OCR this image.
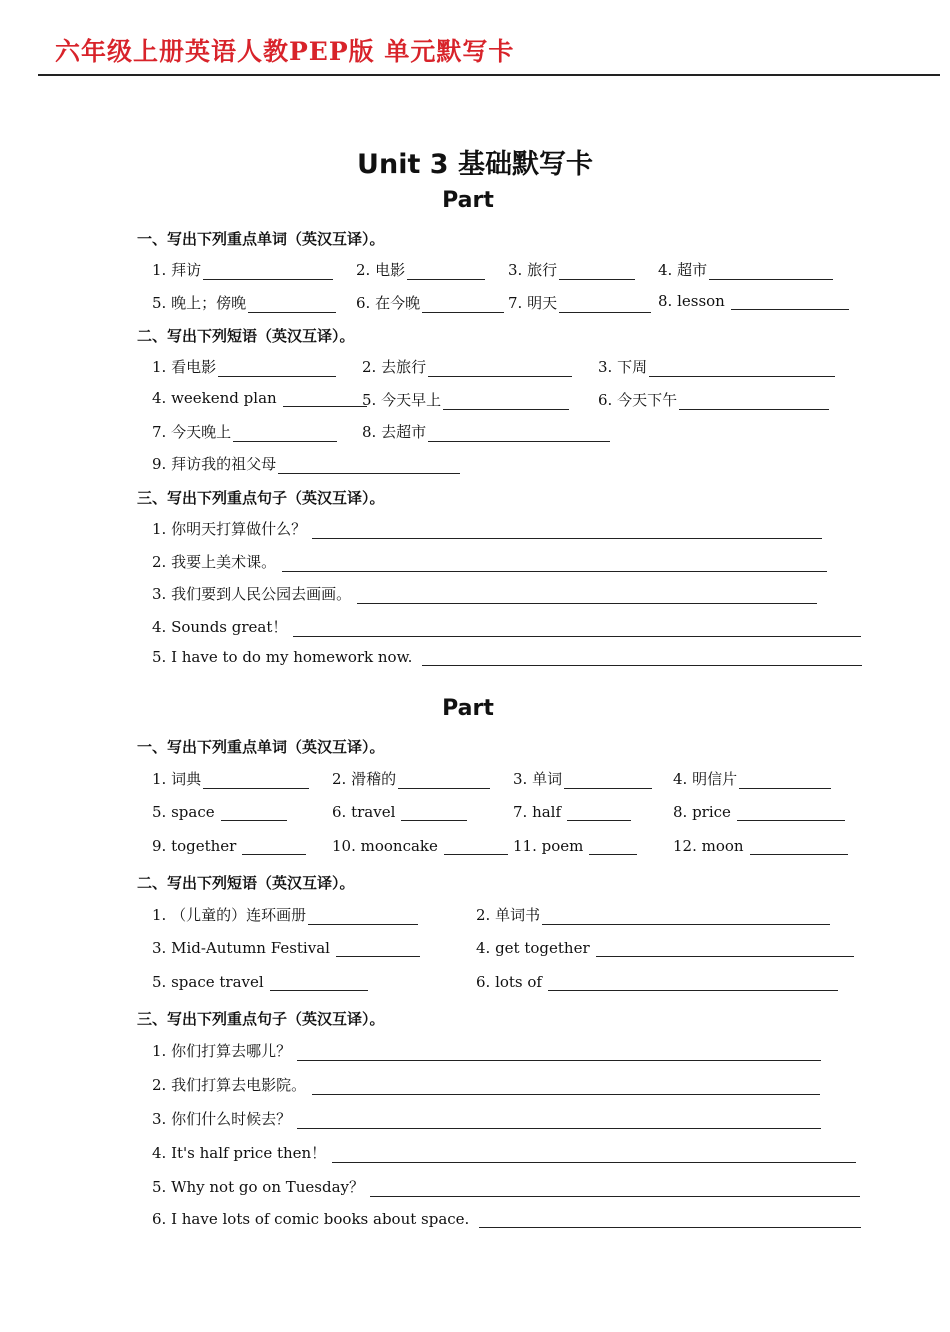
六年级上册英语人教PEP版 单元默写卡
Unit 3 基础默写卡
Part
一、写出下列重点单词（英汉互译）。
1. 拜访	2. 电影	3. 旅行	4. 超市
5. 晚上；傍晚	6. 在今晚	7. 明天	8. lesson
二、写出下列短语（英汉互译）。
1. 看电影	2. 去旅行	3. 下周
4. weekend plan	5. 今天早上	6. 今天下午
7. 今天晚上	8. 去超市
9. 拜访我的祖父母
三、写出下列重点句子（英汉互译）。
1. 你明天打算做什么？
2. 我要上美术课。
3. 我们要到人民公园去画画。
4. Sounds great！
5. I have to do my homework now.
Part
一、写出下列重点单词（英汉互译）。
1. 词典	2. 滑稽的	3. 单词	4. 明信片
5. space	6. travel	7. half	8. price
9. together	10. mooncake	11. poem	12. moon
二、写出下列短语（英汉互译）。
1. （儿童的）连环画册	2. 单词书
3. Mid-Autumn Festival	4. get together
5. space travel	6. lots of
三、写出下列重点句子（英汉互译）。
1. 你们打算去哪儿？
2. 我们打算去电影院。
3. 你们什么时候去？
4. It's half price then！
5. Why not go on Tuesday？
6. I have lots of comic books about space.
